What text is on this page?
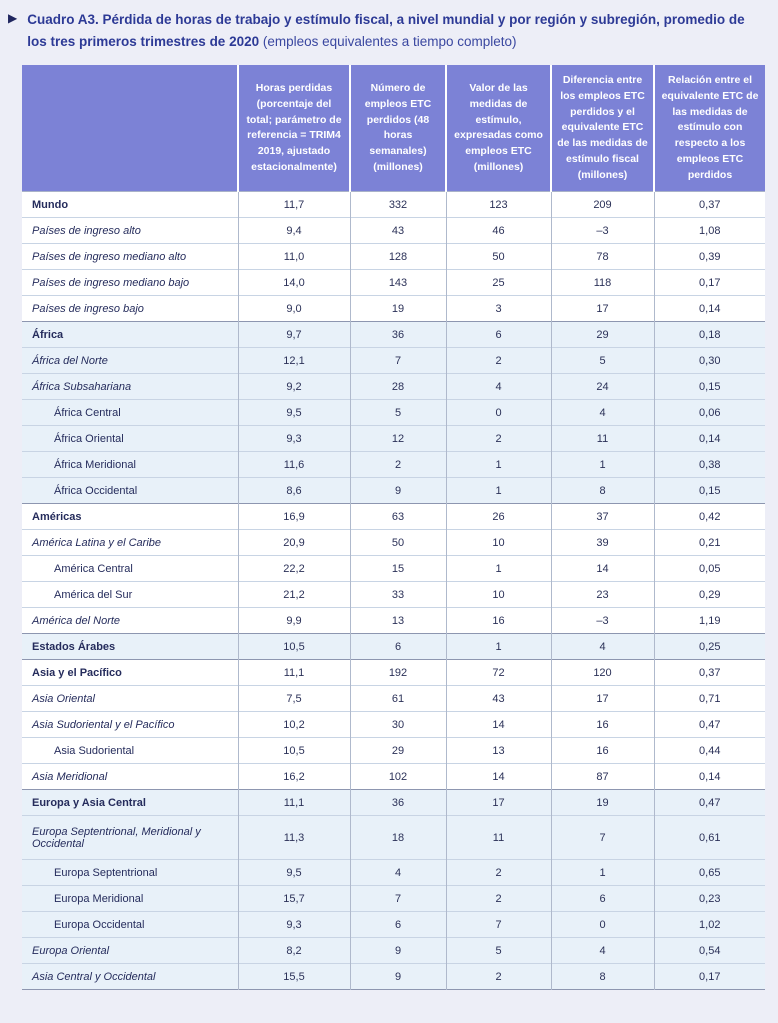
▶ Cuadro A3. Pérdida de horas de trabajo y estímulo fiscal, a nivel mundial y por región y subregión, promedio de los tres primeros trimestres de 2020 (empleos equivalentes a tiempo completo)
	Horas perdidas (porcentaje del total; parámetro de referencia = TRIM4 2019, ajustado estacionalmente)	Número de empleos ETC perdidos (48 horas semanales) (millones)	Valor de las medidas de estímulo, expresadas como empleos ETC (millones)	Diferencia entre los empleos ETC perdidos y el equivalente ETC de las medidas de estímulo fiscal (millones)	Relación entre el equivalente ETC de las medidas de estímulo con respecto a los empleos ETC perdidos
Mundo	11,7	332	123	209	0,37
Países de ingreso alto	9,4	43	46	–3	1,08
Países de ingreso mediano alto	11,0	128	50	78	0,39
Países de ingreso mediano bajo	14,0	143	25	118	0,17
Países de ingreso bajo	9,0	19	3	17	0,14
África	9,7	36	6	29	0,18
África del Norte	12,1	7	2	5	0,30
África Subsahariana	9,2	28	4	24	0,15
África Central	9,5	5	0	4	0,06
África Oriental	9,3	12	2	11	0,14
África Meridional	11,6	2	1	1	0,38
África Occidental	8,6	9	1	8	0,15
Américas	16,9	63	26	37	0,42
América Latina y el Caribe	20,9	50	10	39	0,21
América Central	22,2	15	1	14	0,05
América del Sur	21,2	33	10	23	0,29
América del Norte	9,9	13	16	–3	1,19
Estados Árabes	10,5	6	1	4	0,25
Asia y el Pacífico	11,1	192	72	120	0,37
Asia Oriental	7,5	61	43	17	0,71
Asia Sudoriental y el Pacífico	10,2	30	14	16	0,47
Asia Sudoriental	10,5	29	13	16	0,44
Asia Meridional	16,2	102	14	87	0,14
Europa y Asia Central	11,1	36	17	19	0,47
Europa Septentrional, Meridional y Occidental	11,3	18	11	7	0,61
Europa Septentrional	9,5	4	2	1	0,65
Europa Meridional	15,7	7	2	6	0,23
Europa Occidental	9,3	6	7	0	1,02
Europa Oriental	8,2	9	5	4	0,54
Asia Central y Occidental	15,5	9	2	8	0,17
